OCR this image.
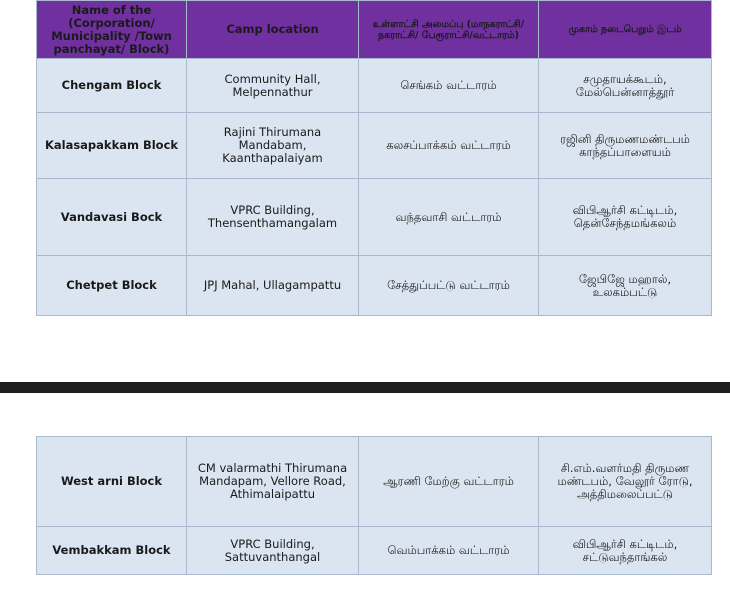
Name of the (Corporation/ Municipality /Town panchayat/ Block)	Camp location	உள்ளாட்சி அமைப்பு (மாநகராட்சி/நகராட்சி/ பேரூராட்சி/வட்டாரம்)	முகாம் நடைபெறும் இடம்
Chengam Block	Community Hall, Melpennathur	செங்கம் வட்டாரம்	சமுதாயக்கூடம், மேல்பென்னாத்தூர்
Kalasapakkam Block	Rajini Thirumana Mandabam, Kaanthapalaiyam	கலசப்பாக்கம் வட்டாரம்	ரஜினி திருமணமண்டபம் காந்தப்பாளையம்
Vandavasi Bock	VPRC Building, Thensenthamangalam	வந்தவாசி வட்டாரம்	விபிஆர்சி கட்டிடம், தென்சேந்தமங்கலம்
Chetpet Block	JPJ Mahal, Ullagampattu	சேத்துப்பட்டு வட்டாரம்	ஜேபிஜே மஹால், உலகம்பட்டு
West arni Block	CM valarmathi Thirumana Mandapam, Vellore Road, Athimalaipattu	ஆரணி மேற்கு வட்டாரம்	சி.எம்.வளர்மதி திருமண மண்டபம், வேலூர் ரோடு, அத்திமலைப்பட்டு
Vembakkam Block	VPRC Building, Sattuvanthangal	வெம்பாக்கம் வட்டாரம்	விபிஆர்சி கட்டிடம், சட்டுவந்தாங்கல்
